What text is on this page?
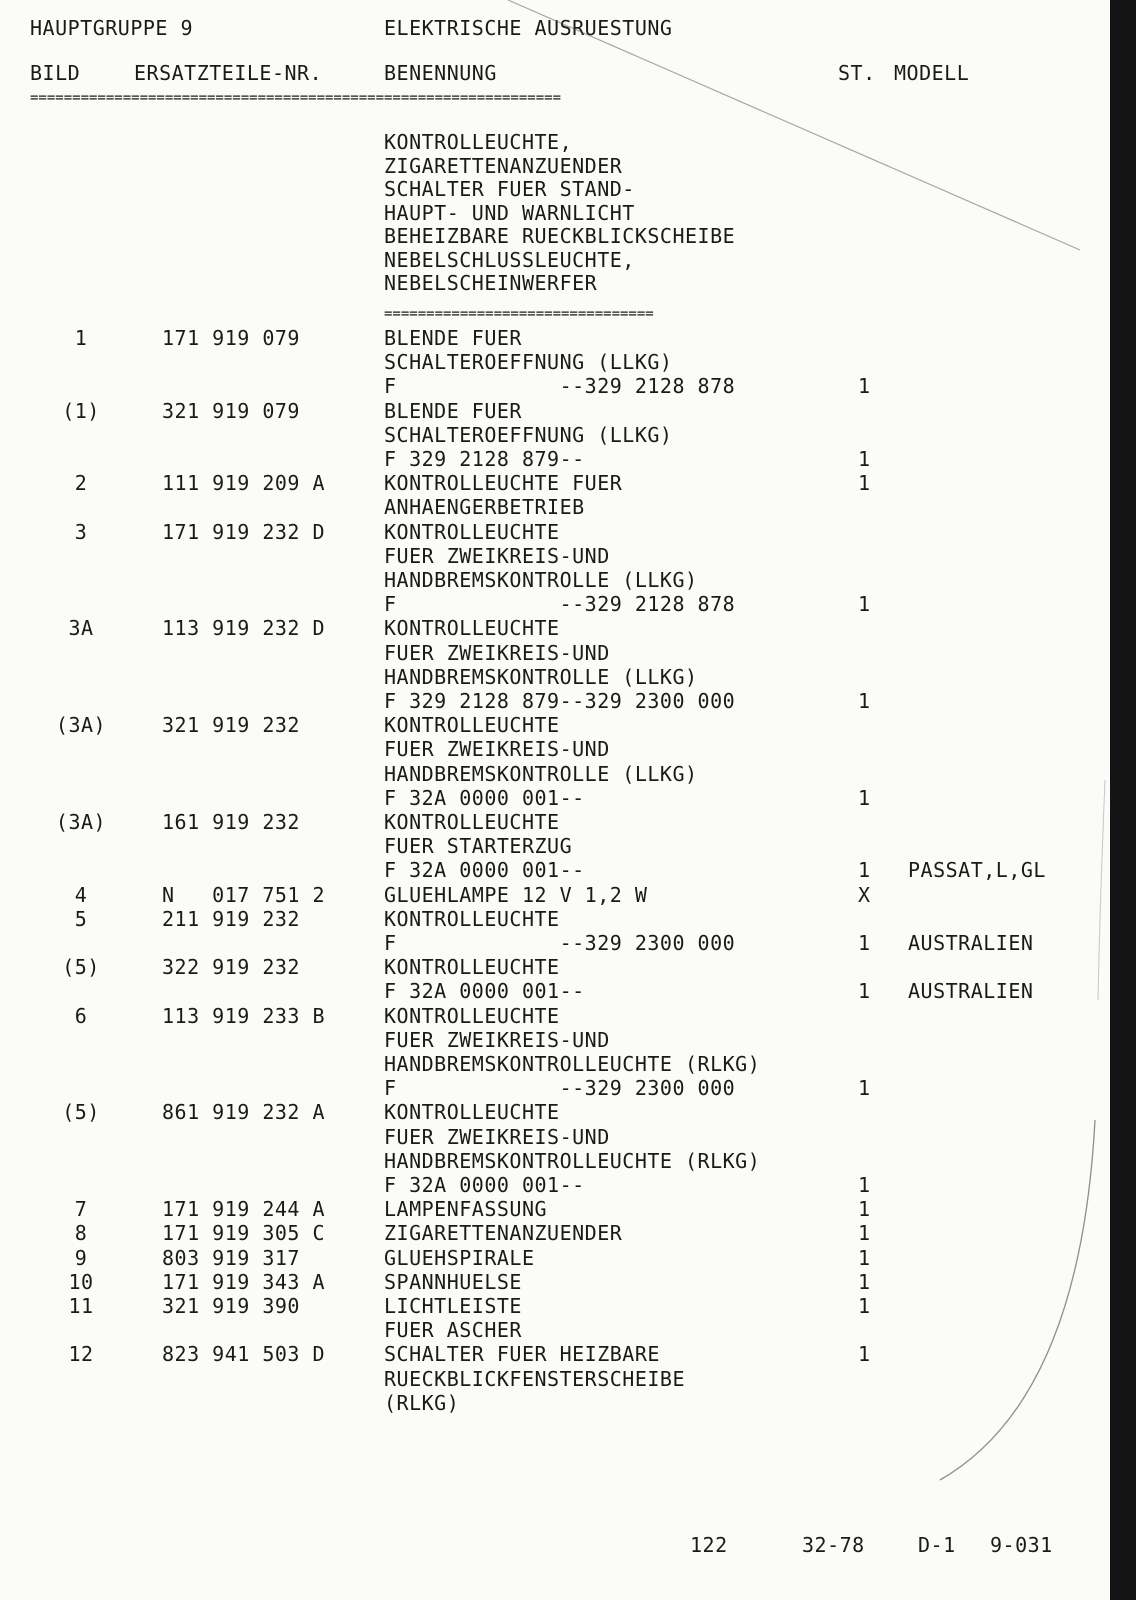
HAUPTGRUPPE 9	ELEKTRISCHE AUSRUESTUNG
BILD	ERSATZTEILE-NR.	BENENNUNG	ST. MODELL
===============================================================
KONTROLLEUCHTE,
ZIGARETTENANZUENDER
SCHALTER FUER STAND-
HAUPT- UND WARNLICHT
BEHEIZBARE RUECKBLICKSCHEIBE
NEBELSCHLUSSLEUCHTE,
NEBELSCHEINWERFER
================================
1	171 919 079	BLENDE FUER
SCHALTEROEFFNUNG (LLKG)
F             --329 2128 878	1
(1)	321 919 079	BLENDE FUER
SCHALTEROEFFNUNG (LLKG)
F 329 2128 879--	1
2	111 919 209 A	KONTROLLEUCHTE FUER	1
ANHAENGERBETRIEB
3	171 919 232 D	KONTROLLEUCHTE
FUER ZWEIKREIS-UND
HANDBREMSKONTROLLE (LLKG)
F             --329 2128 878	1
3A	113 919 232 D	KONTROLLEUCHTE
FUER ZWEIKREIS-UND
HANDBREMSKONTROLLE (LLKG)
F 329 2128 879--329 2300 000	1
(3A)	321 919 232	KONTROLLEUCHTE
FUER ZWEIKREIS-UND
HANDBREMSKONTROLLE (LLKG)
F 32A 0000 001--	1
(3A)	161 919 232	KONTROLLEUCHTE
FUER STARTERZUG
F 32A 0000 001--	1 PASSAT,L,GL
4	N   017 751 2	GLUEHLAMPE 12 V 1,2 W	X
5	211 919 232	KONTROLLEUCHTE
F             --329 2300 000	1 AUSTRALIEN
(5)	322 919 232	KONTROLLEUCHTE
F 32A 0000 001--	1 AUSTRALIEN
6	113 919 233 B	KONTROLLEUCHTE
FUER ZWEIKREIS-UND
HANDBREMSKONTROLLEUCHTE (RLKG)
F             --329 2300 000	1
(5)	861 919 232 A	KONTROLLEUCHTE
FUER ZWEIKREIS-UND
HANDBREMSKONTROLLEUCHTE (RLKG)
F 32A 0000 001--	1
7	171 919 244 A	LAMPENFASSUNG	1
8	171 919 305 C	ZIGARETTENANZUENDER	1
9	803 919 317	GLUEHSPIRALE	1
10	171 919 343 A	SPANNHUELSE	1
11	321 919 390	LICHTLEISTE	1
FUER ASCHER
12	823 941 503 D	SCHALTER FUER HEIZBARE	1
RUECKBLICKFENSTERSCHEIBE
(RLKG)
122	32-78	D-1 9-031
